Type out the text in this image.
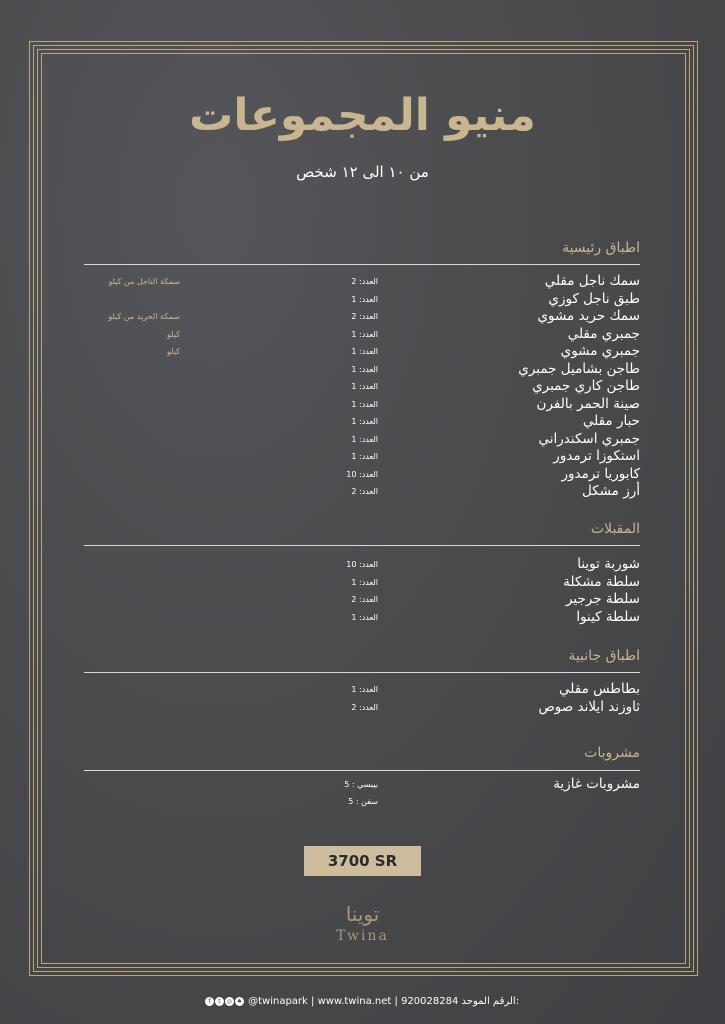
منيو المجموعات
من ١٠ الى ١٢ شخص
اطباق رئيسية
سمك ناجل مقلي
العدد: 2
سمكة الناجل من كيلو
طبق ناجل كوزي
العدد: 1
سمك حريد مشوي
العدد: 2
سمكة الحريد من كيلو
جمبري مقلي
العدد: 1
كيلو
جمبري مشوي
العدد: 1
كيلو
طاجن بشاميل جمبري
العدد: 1
طاجن كاري جمبري
العدد: 1
صينة الحمر بالفرن
العدد: 1
حبار مقلي
العدد: 1
جمبري اسكندراني
العدد: 1
استكوزا ترمدور
العدد: 1
كابوريا ترمدور
العدد: 10
أرز مشكل
العدد: 2
المقبلات
شوربة توينا
العدد: 10
سلطة مشكلة
العدد: 1
سلطة جرجير
العدد: 2
سلطة كينوا
العدد: 1
اطباق جانبية
بطاطس مقلي
العدد: 1
ثاوزند ايلاند صوص
العدد: 2
مشروبات
مشروبات غازية
بيبسي : 5
سفن : 5
3700 SR
توينا
Twina
f t ◎ ♠ @twinapark | www.twina.net | 920028284 الرقم الموحد:
